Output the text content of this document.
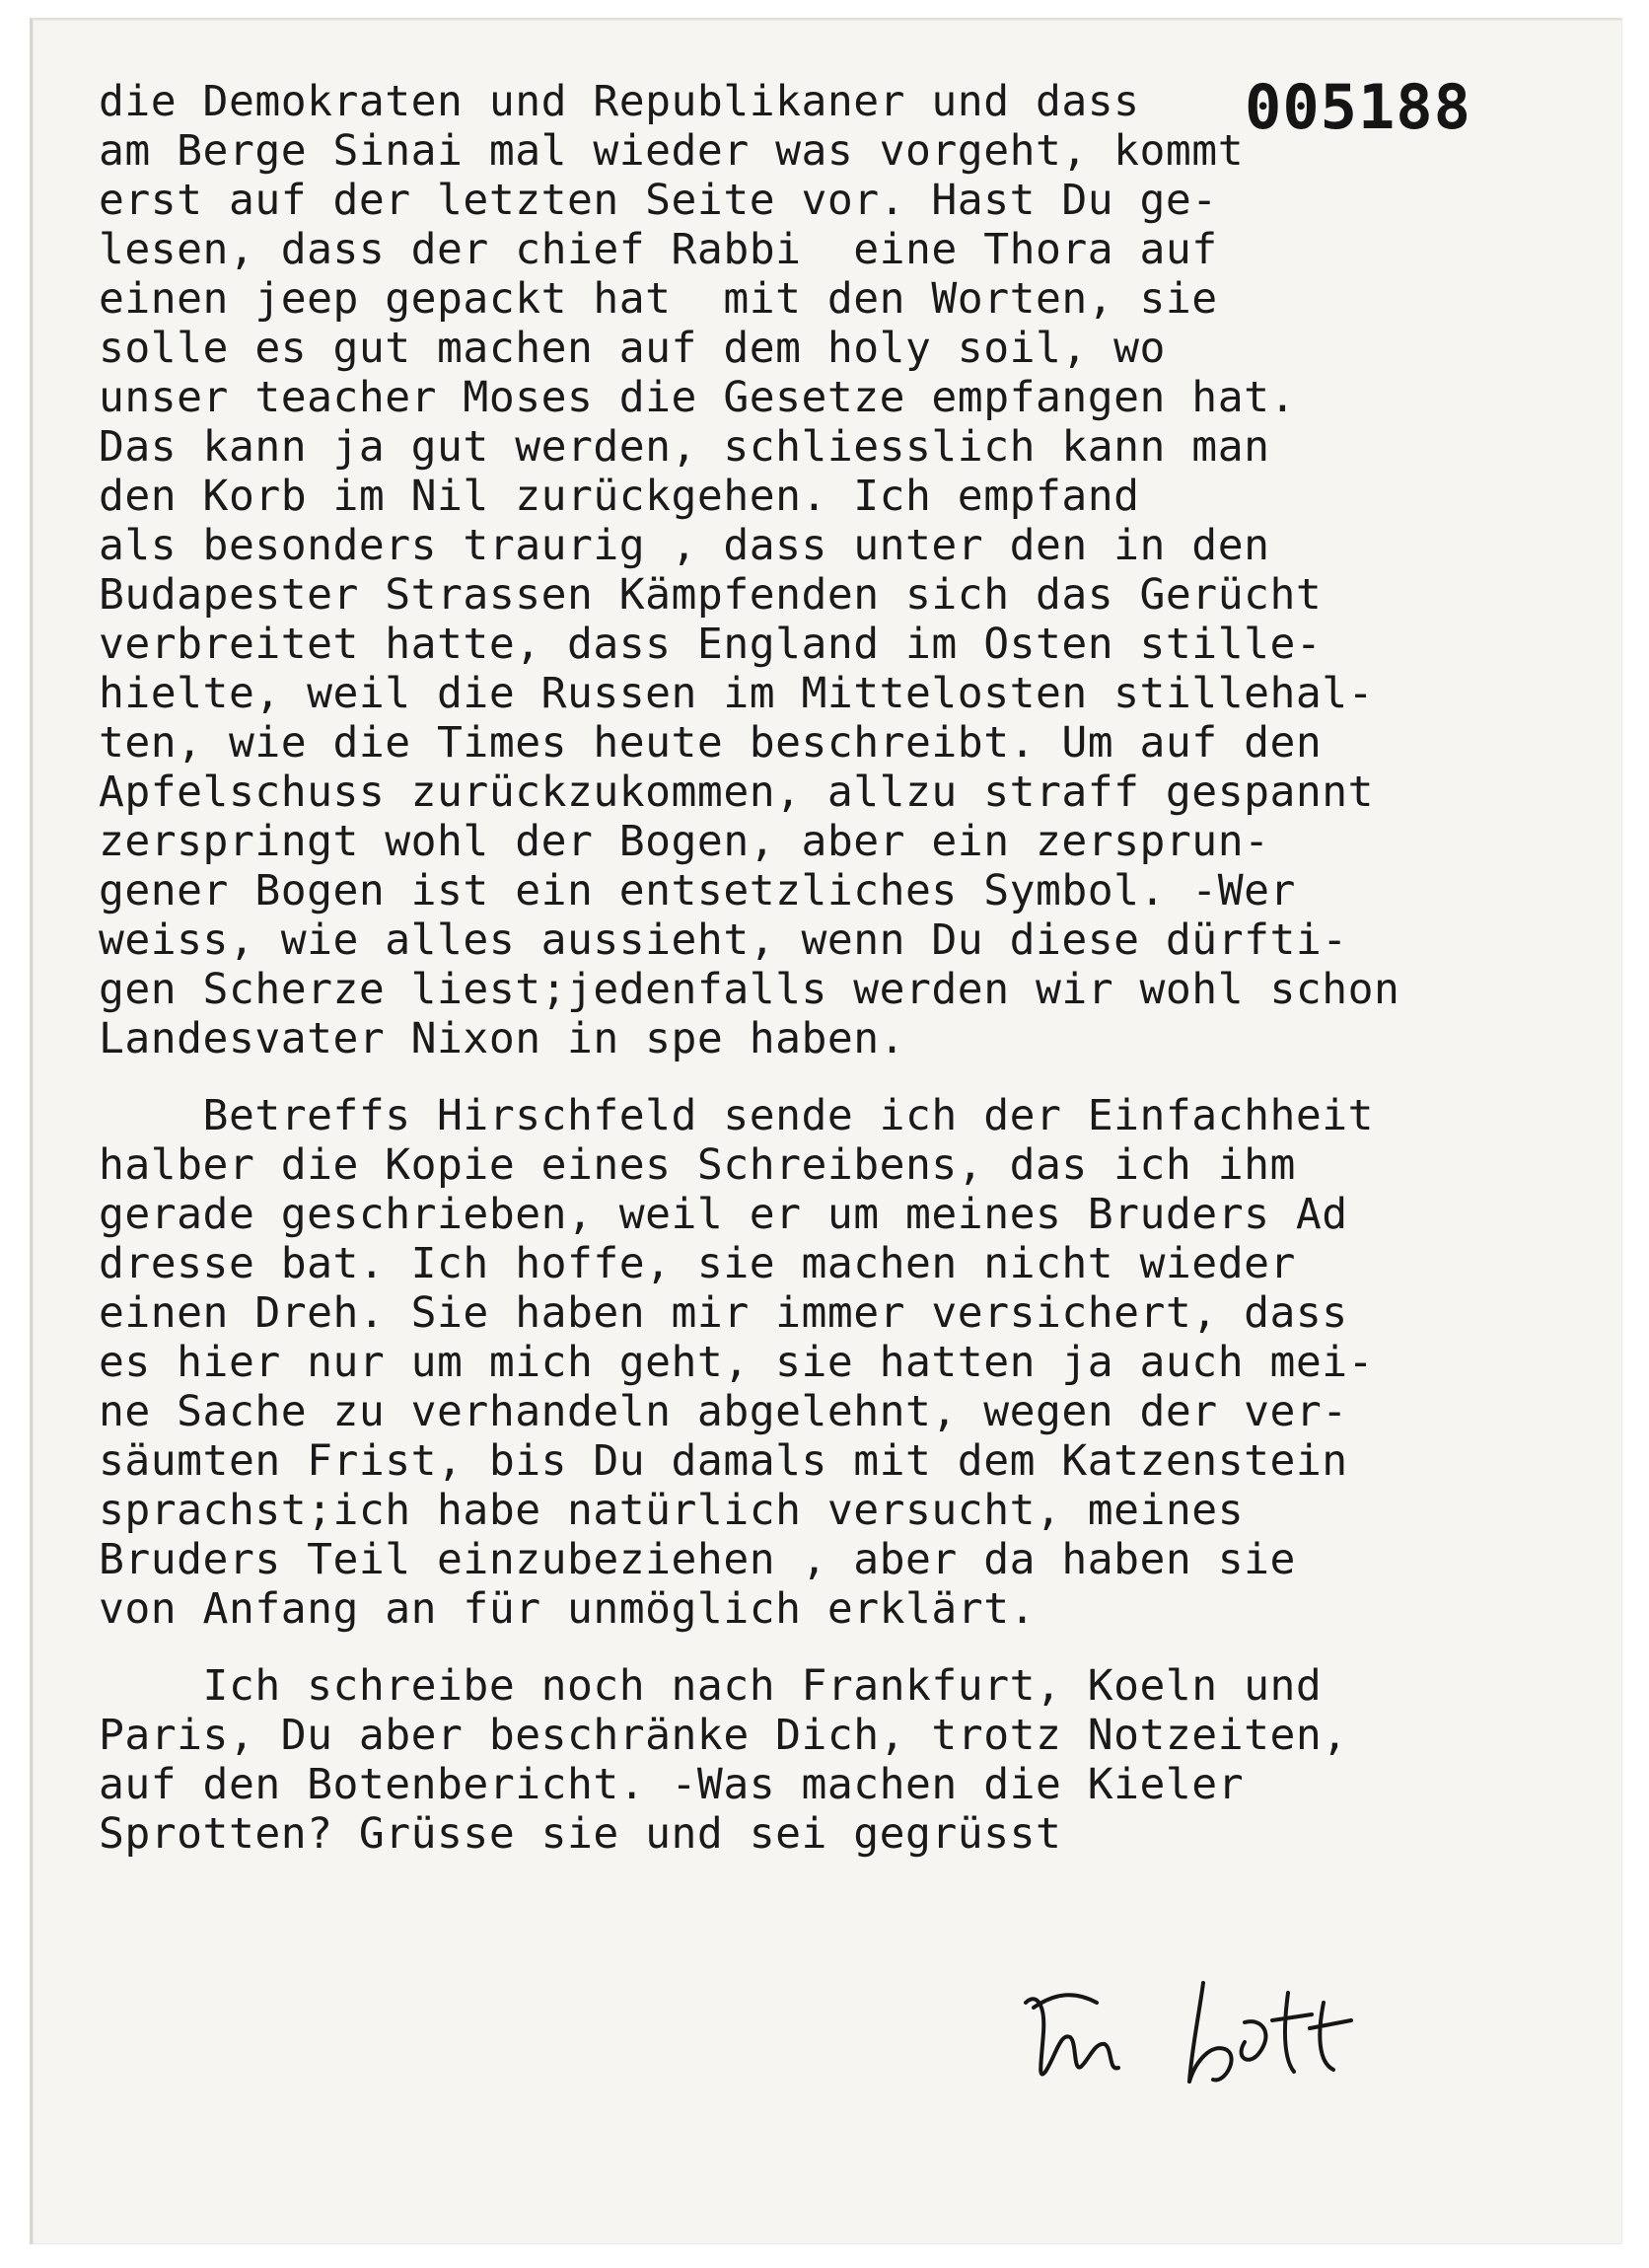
005188
die Demokraten und Republikaner und dass
am Berge Sinai mal wieder was vorgeht, kommt
erst auf der letzten Seite vor. Hast Du ge-
lesen, dass der chief Rabbi  eine Thora auf
einen jeep gepackt hat  mit den Worten, sie
solle es gut machen auf dem holy soil, wo
unser teacher Moses die Gesetze empfangen hat.
Das kann ja gut werden, schliesslich kann man
den Korb im Nil zurückgehen. Ich empfand
als besonders traurig , dass unter den in den
Budapester Strassen Kämpfenden sich das Gerücht
verbreitet hatte, dass England im Osten stille-
hielte, weil die Russen im Mittelosten stillehal-
ten, wie die Times heute beschreibt. Um auf den
Apfelschuss zurückzukommen, allzu straff gespannt
zerspringt wohl der Bogen, aber ein zersprun-
gener Bogen ist ein entsetzliches Symbol. -Wer
weiss, wie alles aussieht, wenn Du diese dürfti-
gen Scherze liest;jedenfalls werden wir wohl schon
Landesvater Nixon in spe haben.
Betreffs Hirschfeld sende ich der Einfachheit
halber die Kopie eines Schreibens, das ich ihm
gerade geschrieben, weil er um meines Bruders Ad
dresse bat. Ich hoffe, sie machen nicht wieder
einen Dreh. Sie haben mir immer versichert, dass
es hier nur um mich geht, sie hatten ja auch mei-
ne Sache zu verhandeln abgelehnt, wegen der ver-
säumten Frist, bis Du damals mit dem Katzenstein
sprachst;ich habe natürlich versucht, meines
Bruders Teil einzubeziehen , aber da haben sie
von Anfang an für unmöglich erklärt.
Ich schreibe noch nach Frankfurt, Koeln und
Paris, Du aber beschränke Dich, trotz Notzeiten,
auf den Botenbericht. -Was machen die Kieler
Sprotten? Grüsse sie und sei gegrüsst
